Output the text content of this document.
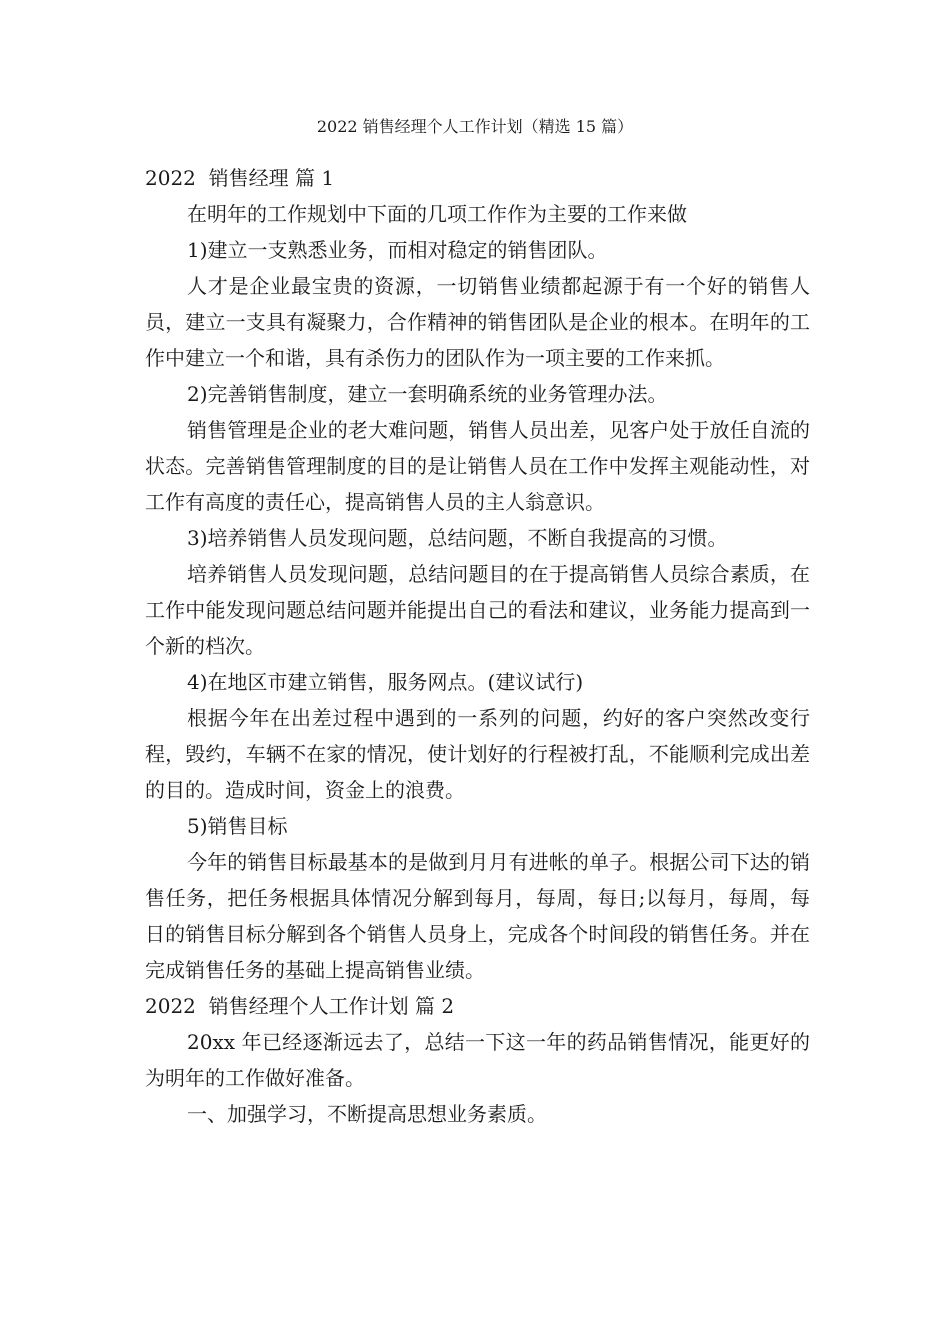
2022 销售经理个人工作计划（精选 15 篇）

2022  销售经理 篇 1

在明年的工作规划中下面的几项工作作为主要的工作来做

1)建立一支熟悉业务，而相对稳定的销售团队。

人才是企业最宝贵的资源，一切销售业绩都起源于有一个好的销售人员，建立一支具有凝聚力，合作精神的销售团队是企业的根本。在明年的工作中建立一个和谐，具有杀伤力的团队作为一项主要的工作来抓。

2)完善销售制度，建立一套明确系统的业务管理办法。

销售管理是企业的老大难问题，销售人员出差，见客户处于放任自流的状态。完善销售管理制度的目的是让销售人员在工作中发挥主观能动性，对工作有高度的责任心，提高销售人员的主人翁意识。

3)培养销售人员发现问题，总结问题，不断自我提高的习惯。

培养销售人员发现问题，总结问题目的在于提高销售人员综合素质，在工作中能发现问题总结问题并能提出自己的看法和建议，业务能力提高到一个新的档次。

4)在地区市建立销售，服务网点。(建议试行)

根据今年在出差过程中遇到的一系列的问题，约好的客户突然改变行程，毁约，车辆不在家的情况，使计划好的行程被打乱，不能顺利完成出差的目的。造成时间，资金上的浪费。

5)销售目标

今年的销售目标最基本的是做到月月有进帐的单子。根据公司下达的销售任务，把任务根据具体情况分解到每月，每周，每日;以每月，每周，每日的销售目标分解到各个销售人员身上，完成各个时间段的销售任务。并在完成销售任务的基础上提高销售业绩。

2022  销售经理个人工作计划 篇 2

20xx 年已经逐渐远去了，总结一下这一年的药品销售情况，能更好的为明年的工作做好准备。

一、加强学习，不断提高思想业务素质。
